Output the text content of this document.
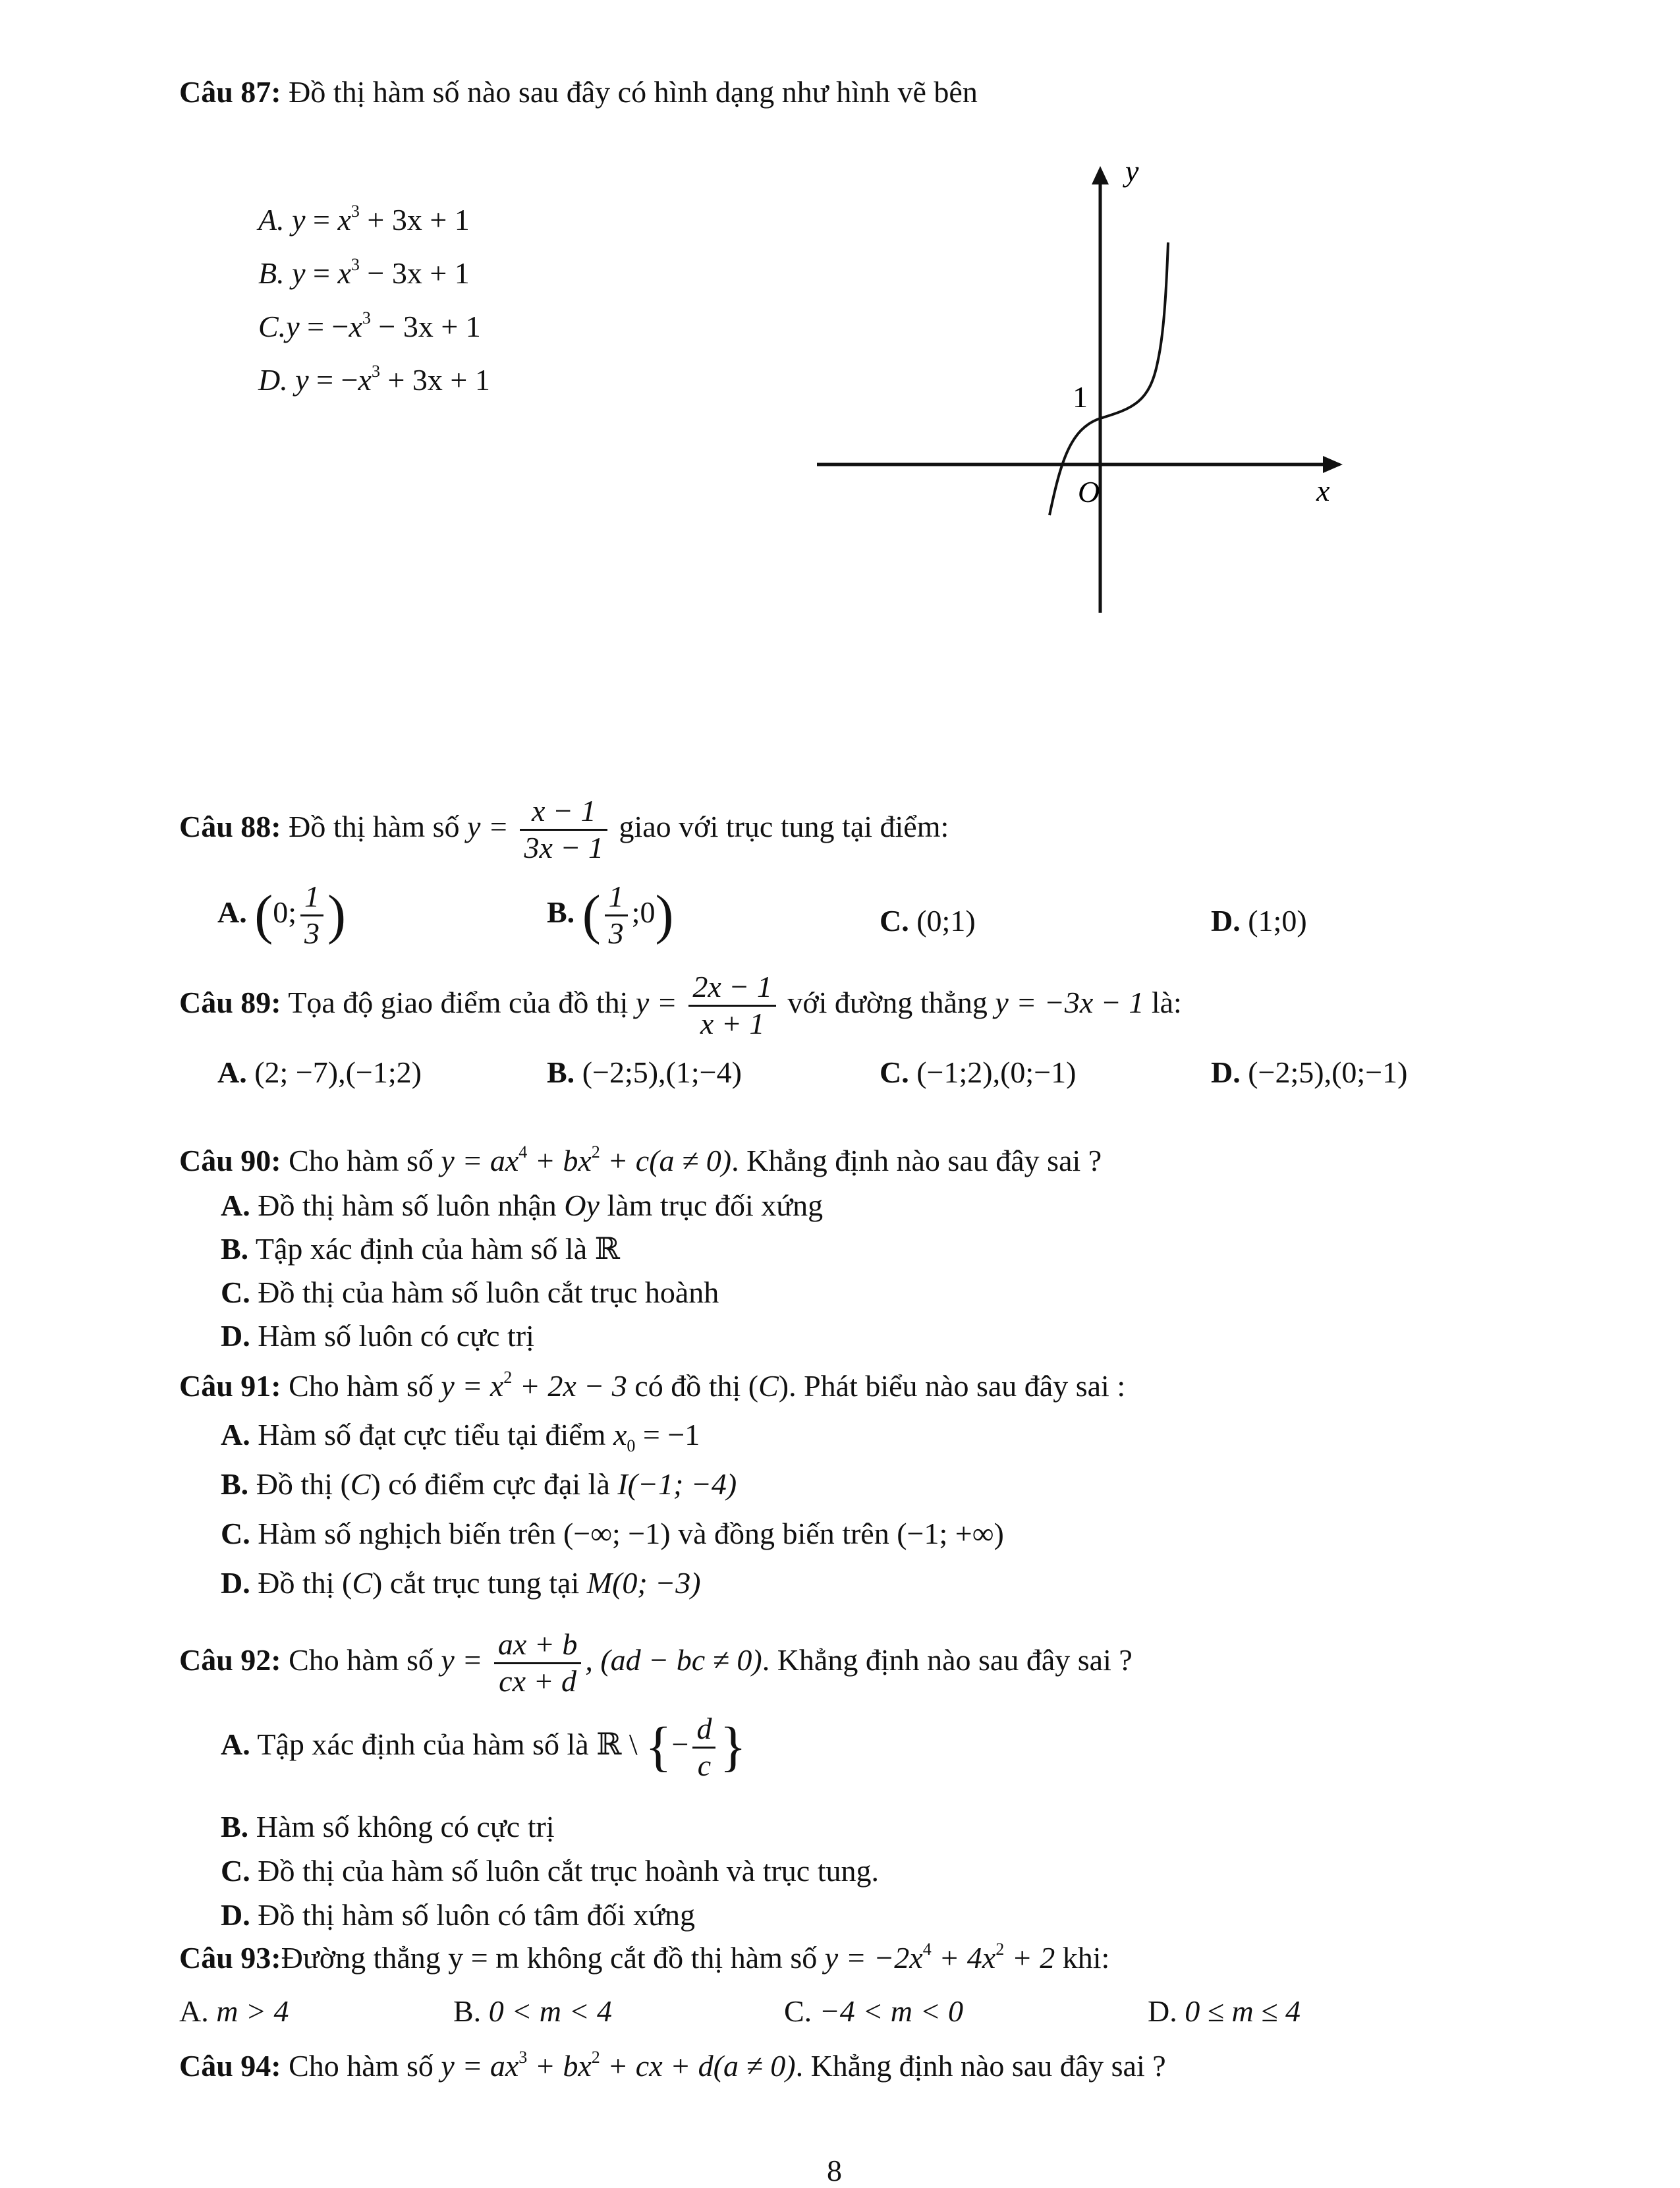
Câu 87: Đồ thị hàm số nào sau đây có hình dạng như hình vẽ bên
A. $y = x^3 + 3x + 1$
B. $y = x^3 - 3x + 1$
$C.y = -x^3 - 3x + 1$
D. $y = -x^3 + 3x + 1$
y
x
O
1
Câu 88: Đồ thị hàm số $y = \frac{x - 1}{3x - 1}$ giao với trục tung tại điểm:
A. (0; $\frac{1}{3}$ )	B. ( $\frac{1}{3}$ ;0)	C. (0;1)	D. (1;0)
Câu 89: Tọa độ giao điểm của đồ thị $y = \frac{2x - 1}{x + 1}$ với đường thẳng y = −3x − 1 là:
A. (2; −7),(−1;2)	B. (−2;5),(1;−4)	C. (−1;2),(0;−1)	D. (−2;5),(0;−1)
Câu 90: Cho hàm số $y = ax^4 + bx^2 + c(a \ne 0)$. Khẳng định nào sau đây sai ?
A. Đồ thị hàm số luôn nhận Oy làm trục đối xứng
B. Tập xác định của hàm số là ℝ
C. Đồ thị của hàm số luôn cắt trục hoành
D. Hàm số luôn có cực trị
Câu 91: Cho hàm số $y = x^2 + 2x - 3$ có đồ thị (C). Phát biểu nào sau đây sai :
A. Hàm số đạt cực tiểu tại điểm $x_0 = -1$
B. Đồ thị (C) có điểm cực đại là I(−1; −4)
C. Hàm số nghịch biến trên (−∞; −1) và đồng biến trên (−1; +∞)
D. Đồ thị (C) cắt trục tung tại M(0; −3)
Câu 92: Cho hàm số $y = \frac{ax + b}{cx + d}$ , (ad − bc ≠ 0). Khẳng định nào sau đây sai ?
A. Tập xác định của hàm số là ℝ \ {− $\frac{d}{c}$ }
B. Hàm số không có cực trị
C. Đồ thị của hàm số luôn cắt trục hoành và trục tung.
D. Đồ thị hàm số luôn có tâm đối xứng
Câu 93:Đường thẳng y = m không cắt đồ thị hàm số $y = -2x^4 + 4x^2 + 2$ khi:
A. m > 4	B. 0 < m < 4	C. −4 < m < 0	D. 0 ≤ m ≤ 4
Câu 94: Cho hàm số $y = ax^3 + bx^2$ + cx + d(a ≠ 0). Khẳng định nào sau đây sai ?
8
